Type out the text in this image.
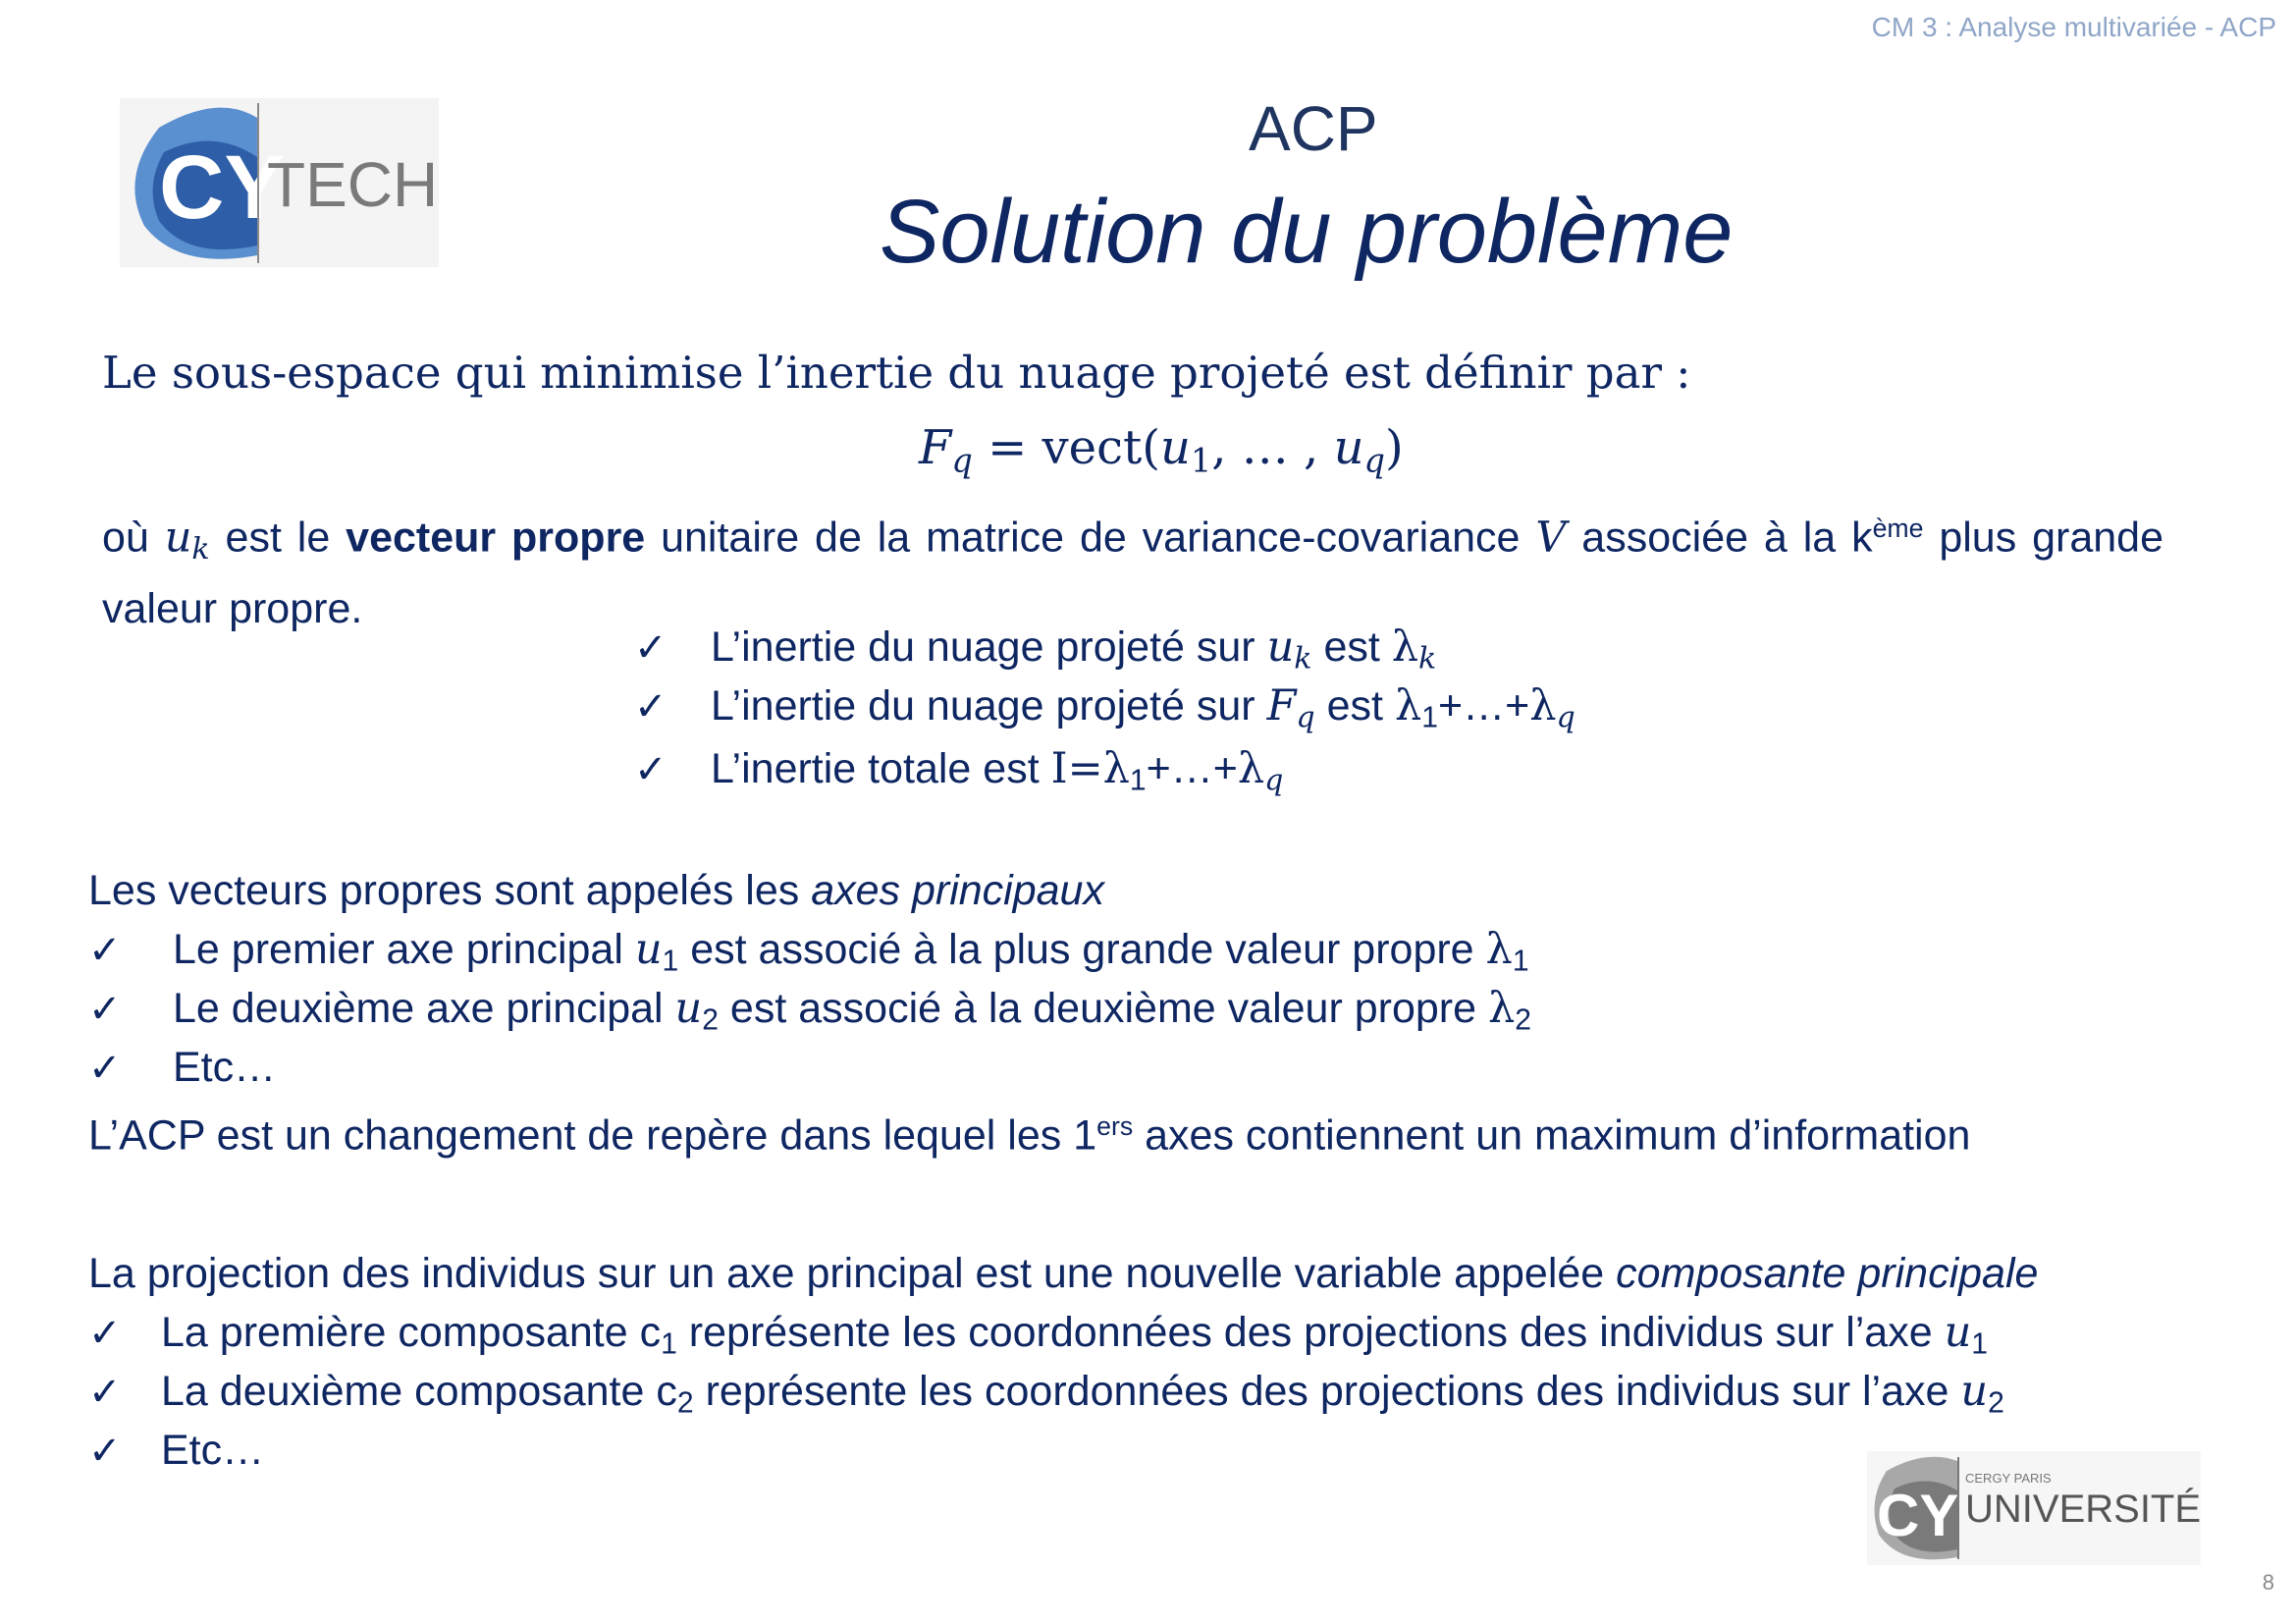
CM 3 : Analyse multivariée - ACP
CY
TECH
ACP
Solution du problème
Le sous-espace qui minimise l’inertie du nuage projeté est définir par :
$F_q$ = $vect(u_1$, … , $u_q$)
où $u_k$ est le vecteur propre unitaire de la matrice de variance-covariance V associée à la $k^{ème}$ plus grande valeur propre.
✓ L’inertie du nuage projeté sur $u_k$ est $\lambda_k$
✓ L’inertie du nuage projeté sur $F_q$ est $\lambda_1+\dots+\lambda_q$
✓ L’inertie totale est $I=\lambda_1+\dots+\lambda_q$
Les vecteurs propres sont appelés les axes principaux
✓ Le premier axe principal $u_1$ est associé à la plus grande valeur propre $\lambda_1$
✓ Le deuxième axe principal $u_2$ est associé à la deuxième valeur propre $\lambda_2$
✓ Etc…
L’ACP est un changement de repère dans lequel les 1ers axes contiennent un maximum d’information
La projection des individus sur un axe principal est une nouvelle variable appelée composante principale
✓ La première composante $c_1$ représente les coordonnées des projections des individus sur l’axe $u_1$
✓ La deuxième composante $c_2$ représente les coordonnées des projections des individus sur l’axe $u_2$
✓ Etc…
CY
CERGY PARIS
UNIVERSITÉ
8
